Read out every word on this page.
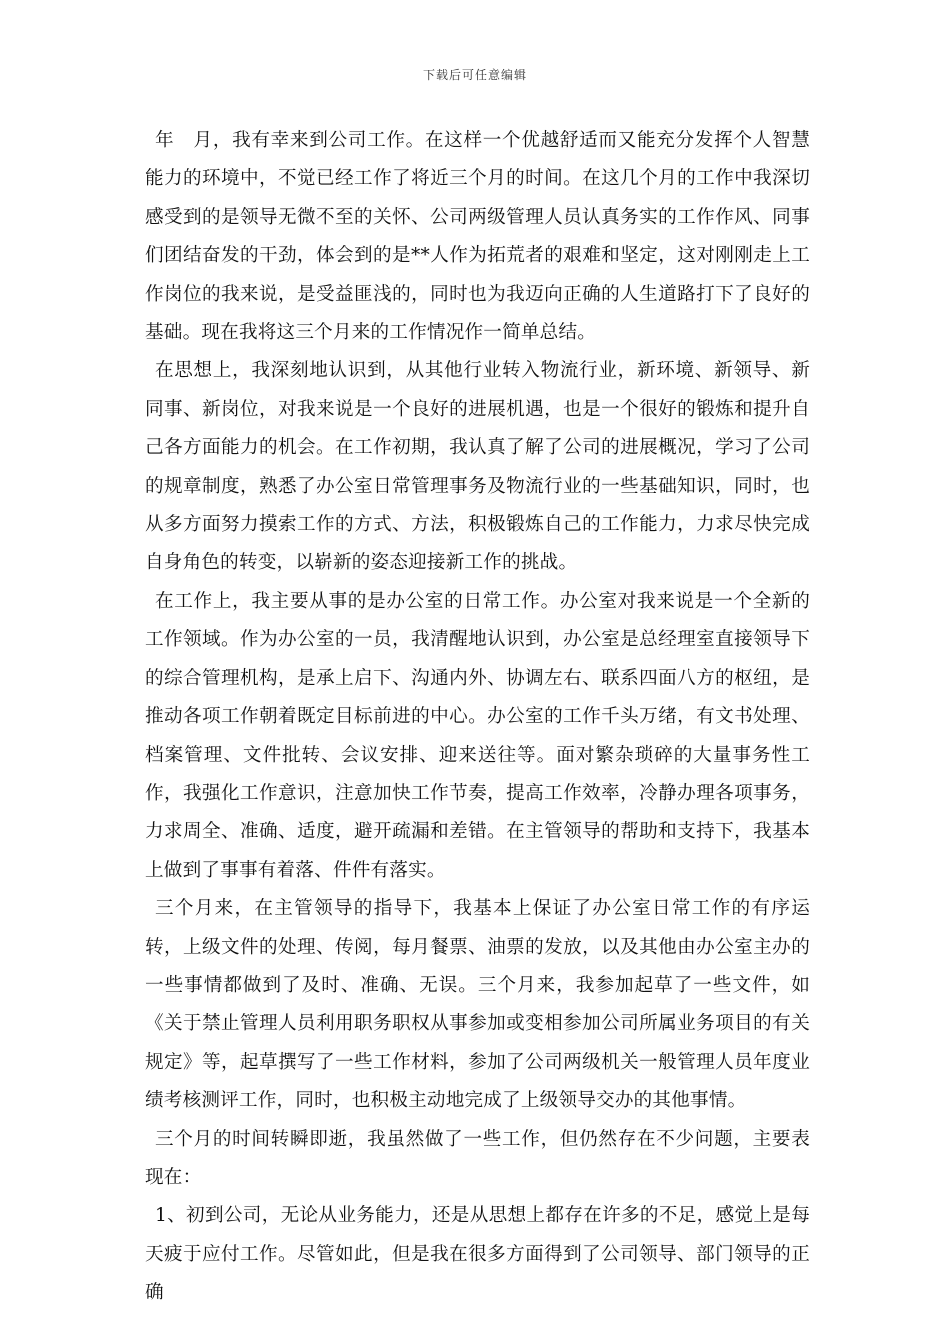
下载后可任意编辑

年　月，我有幸来到公司工作。在这样一个优越舒适而又能充分发挥个人智慧能力的环境中，不觉已经工作了将近三个月的时间。在这几个月的工作中我深切感受到的是领导无微不至的关怀、公司两级管理人员认真务实的工作作风、同事们团结奋发的干劲，体会到的是**人作为拓荒者的艰难和坚定，这对刚刚走上工作岗位的我来说，是受益匪浅的，同时也为我迈向正确的人生道路打下了良好的基础。现在我将这三个月来的工作情况作一简单总结。

在思想上，我深刻地认识到，从其他行业转入物流行业，新环境、新领导、新同事、新岗位，对我来说是一个良好的进展机遇，也是一个很好的锻炼和提升自己各方面能力的机会。在工作初期，我认真了解了公司的进展概况，学习了公司的规章制度，熟悉了办公室日常管理事务及物流行业的一些基础知识，同时，也从多方面努力摸索工作的方式、方法，积极锻炼自己的工作能力，力求尽快完成自身角色的转变，以崭新的姿态迎接新工作的挑战。

在工作上，我主要从事的是办公室的日常工作。办公室对我来说是一个全新的工作领域。作为办公室的一员，我清醒地认识到，办公室是总经理室直接领导下的综合管理机构，是承上启下、沟通内外、协调左右、联系四面八方的枢纽，是推动各项工作朝着既定目标前进的中心。办公室的工作千头万绪，有文书处理、档案管理、文件批转、会议安排、迎来送往等。面对繁杂琐碎的大量事务性工作，我强化工作意识，注意加快工作节奏，提高工作效率，冷静办理各项事务，力求周全、准确、适度，避开疏漏和差错。在主管领导的帮助和支持下，我基本上做到了事事有着落、件件有落实。

三个月来，在主管领导的指导下，我基本上保证了办公室日常工作的有序运转，上级文件的处理、传阅，每月餐票、油票的发放，以及其他由办公室主办的一些事情都做到了及时、准确、无误。三个月来，我参加起草了一些文件，如《关于禁止管理人员利用职务职权从事参加或变相参加公司所属业务项目的有关规定》等，起草撰写了一些工作材料，参加了公司两级机关一般管理人员年度业绩考核测评工作，同时，也积极主动地完成了上级领导交办的其他事情。

三个月的时间转瞬即逝，我虽然做了一些工作，但仍然存在不少问题，主要表现在：

1、初到公司，无论从业务能力，还是从思想上都存在许多的不足，感觉上是每天疲于应付工作。尽管如此，但是我在很多方面得到了公司领导、部门领导的正确
